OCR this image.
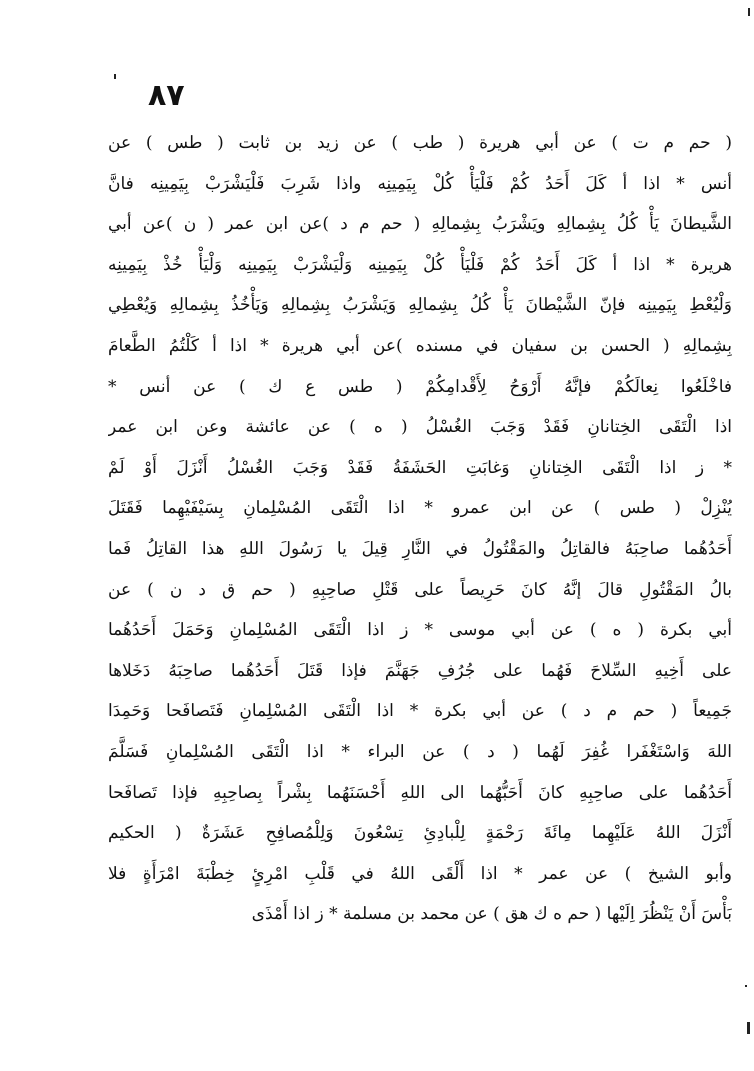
٨٧
( حم م ت ) عن أبي هريرة ( طب ) عن زيد بن ثابت ( طس ) عن
أنس * اذا أ كَلَ أَحَدُ كُمْ فَلْيَأْ كُلْ بِيَمِينِه واذا شَرِبَ فَلْيَشْرَبْ بِيَمِينِه فانَّ
الشَّيطانَ يَأْ كُلُ بِشِمالِهِ ويَشْرَبُ بِشِمالِهِ ( حم م د )عن ابن عمر ( ن )عن أبي
هريرة * اذا أ كَلَ أَحَدُ كُمْ فَلْيَأْ كُلْ بِيَمِينِه وَلْيَشْرَبْ بِيَمِينِه وَلْيَأْ خُذْ بِيَمِينِه
وَلْيُعْطِ بِيَمِينِه فإنّ الشَّيْطانَ يَأْ كُلُ بِشِمالِهِ وَيَشْرَبُ بِشِمالِهِ وَيَأْخُذُ بِشِمالِهِ وَيُعْطِي
بِشِمالِهِ ( الحسن بن سفيان في مسنده )عن أبي هريرة * اذا أ كَلْتُمُ الطَّعامَ
فاخْلَعُوا نِعالَكُمْ فإنَّهُ أَرْوَحُ لِأَقْدامِكُمْ ( طس ع ك ) عن أنس *
اذا الْتَقَى الخِتانانِ فَقَدْ وَجَبَ الغُسْلُ ( ه ) عن عائشة وعن ابن عمر
* ز اذا الْتَقَى الخِتانانِ وَغابَتِ الحَشَفَةُ فَقَدْ وَجَبَ الغُسْلُ أَنْزَلَ أَوْ لَمْ
يُنْزِلْ ( طس ) عن ابن عمرو * اذا الْتَقَى المُسْلِمانِ بِسَيْفَيْهِما فَقَتَلَ
أَحَدُهُما صاحِبَهُ فالقاتِلُ والمَقْتُولُ في النَّارِ قِيلَ يا رَسُولَ اللهِ هذا القاتِلُ فَما
بالُ المَقْتُولِ قالَ إنَّهُ كانَ حَرِيصاً على قَتْلِ صاحِبِهِ ( حم ق د ن ) عن
أبي بكرة ( ه ) عن أبي موسى * ز اذا الْتَقَى المُسْلِمانِ وَحَمَلَ أَحَدُهُما
على أَخِيهِ السِّلاحَ فَهُما على جُرُفِ جَهَنَّمَ فإذا قَتَلَ أَحَدُهُما صاحِبَهُ دَخَلاها
جَمِيعاً ( حم م د ) عن أبي بكرة * اذا الْتَقَى المُسْلِمانِ فَتَصافَحا وَحَمِدَا
اللهَ وَاسْتَغْفَرا غُفِرَ لَهُما ( د ) عن البراء * اذا الْتَقَى المُسْلِمانِ فَسَلَّمَ
أَحَدُهُما على صاحِبِهِ كانَ أَحَبُّهُما الى اللهِ أَحْسَنَهُما بِشْراً بِصاحِبِهِ فإذا تَصافَحا
أَنْزَلَ اللهُ عَلَيْهِما مِائَةَ رَحْمَةٍ لِلْبادِئِ تِسْعُونَ وَلِلْمُصافِحِ عَشَرَةٌ ( الحكيم
وأبو الشيخ ) عن عمر * اذا أَلْقَى اللهُ في قَلْبِ امْرِئٍ خِطْبَةَ امْرَأَةٍ فلا
بَأْسَ أَنْ يَنْظُرَ اِلَيْها ( حم ه ك هق ) عن محمد بن مسلمة * ز اذا أَمْذَى
